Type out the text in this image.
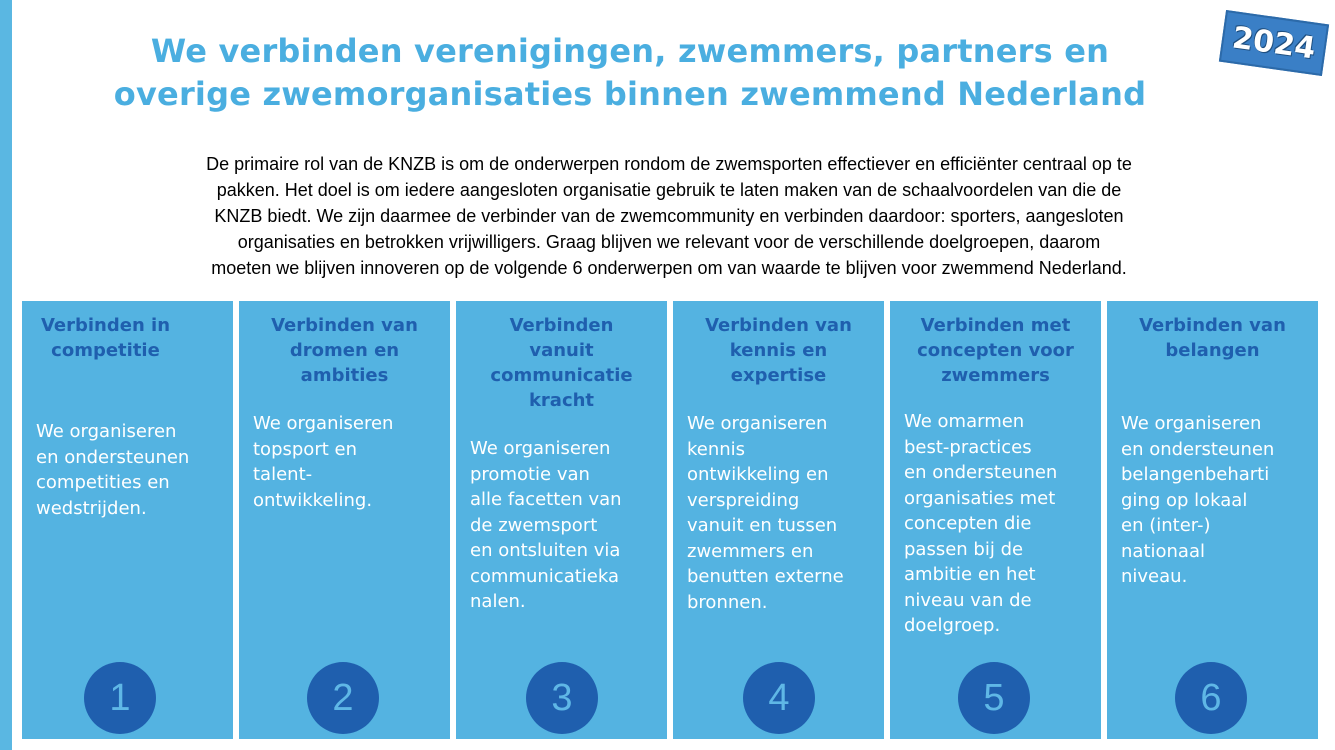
We verbinden verenigingen, zwemmers, partners en
overige zwemorganisaties binnen zwemmend Nederland
2024
De primaire rol van de KNZB is om de onderwerpen rondom de zwemsporten effectiever en efficiënter centraal op te
pakken. Het doel is om iedere aangesloten organisatie gebruik te laten maken van de schaalvoordelen van die de
KNZB biedt. We zijn daarmee de verbinder van de zwemcommunity en verbinden daardoor: sporters, aangesloten
organisaties en betrokken vrijwilligers. Graag blijven we relevant voor de verschillende doelgroepen, daarom
moeten we blijven innoveren op de volgende 6 onderwerpen om van waarde te blijven voor zwemmend Nederland.
Verbinden in competitie
We organiseren
en ondersteunen
competities en
wedstrijden.
1
Verbinden van dromen en ambities
We organiseren
topsport en
talent-
ontwikkeling.
2
Verbinden vanuit communicatie kracht
We organiseren
promotie van
alle facetten van
de zwemsport
en ontsluiten via
communicatieka
nalen.
3
Verbinden van kennis en expertise
We organiseren
kennis
ontwikkeling en
verspreiding
vanuit en tussen
zwemmers en
benutten externe
bronnen.
4
Verbinden met concepten voor zwemmers
We omarmen
best-practices
en ondersteunen
organisaties met
concepten die
passen bij de
ambitie en het
niveau van de
doelgroep.
5
Verbinden van belangen
We organiseren
en ondersteunen
belangenbeharti
ging op lokaal
en (inter-)
nationaal
niveau.
6
